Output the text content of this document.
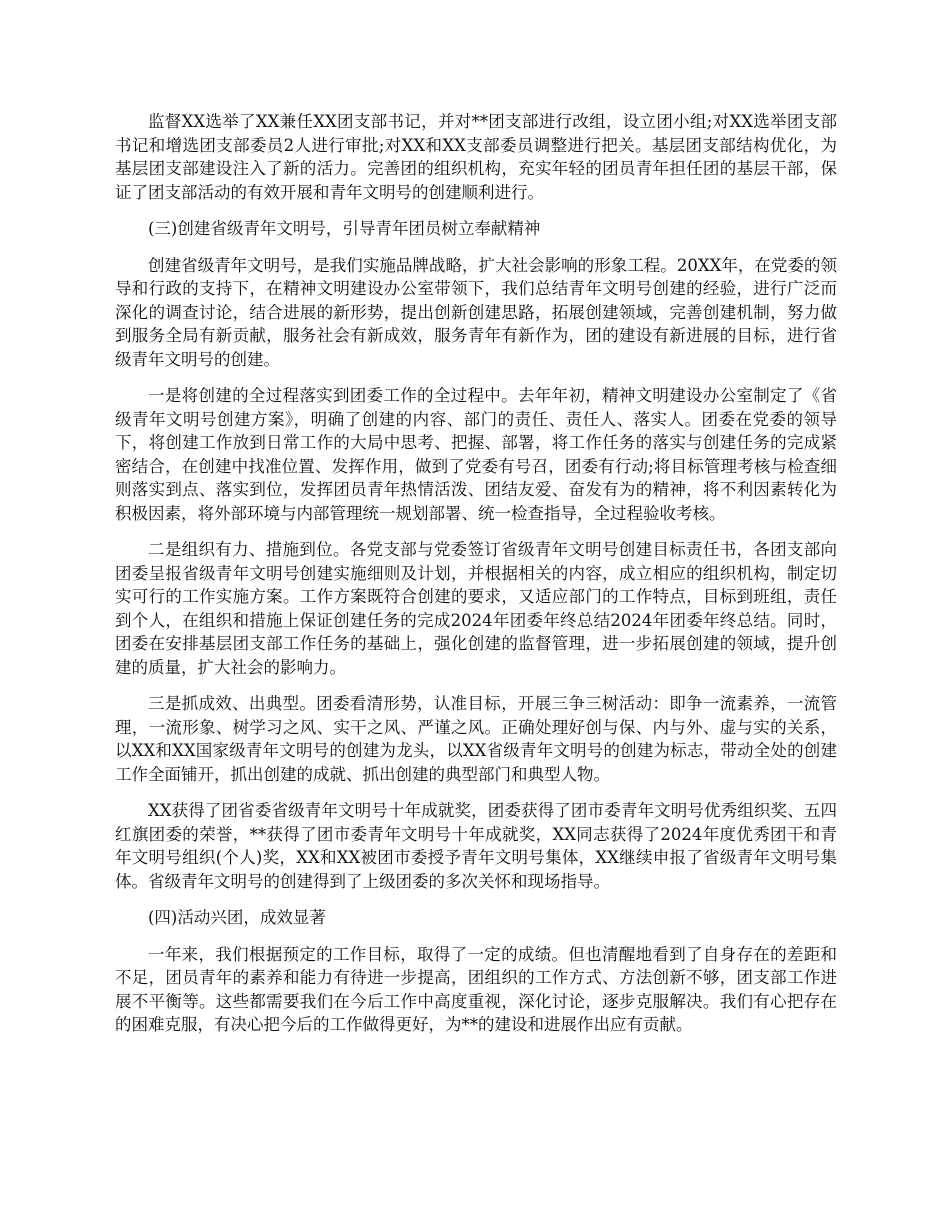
监督XX选举了XX兼任XX团支部书记，并对**团支部进行改组，设立团小组;对XX选举团支部书记和增选团支部委员2人进行审批;对XX和XX支部委员调整进行把关。基层团支部结构优化，为基层团支部建设注入了新的活力。完善团的组织机构，充实年轻的团员青年担任团的基层干部，保证了团支部活动的有效开展和青年文明号的创建顺利进行。

(三)创建省级青年文明号，引导青年团员树立奉献精神

创建省级青年文明号，是我们实施品牌战略，扩大社会影响的形象工程。20XX年，在党委的领导和行政的支持下，在精神文明建设办公室带领下，我们总结青年文明号创建的经验，进行广泛而深化的调查讨论，结合进展的新形势，提出创新创建思路，拓展创建领域，完善创建机制，努力做到服务全局有新贡献，服务社会有新成效，服务青年有新作为，团的建设有新进展的目标，进行省级青年文明号的创建。

一是将创建的全过程落实到团委工作的全过程中。去年年初，精神文明建设办公室制定了《省级青年文明号创建方案》，明确了创建的内容、部门的责任、责任人、落实人。团委在党委的领导下，将创建工作放到日常工作的大局中思考、把握、部署，将工作任务的落实与创建任务的完成紧密结合，在创建中找准位置、发挥作用，做到了党委有号召，团委有行动;将目标管理考核与检查细则落实到点、落实到位，发挥团员青年热情活泼、团结友爱、奋发有为的精神，将不利因素转化为积极因素，将外部环境与内部管理统一规划部署、统一检查指导，全过程验收考核。

二是组织有力、措施到位。各党支部与党委签订省级青年文明号创建目标责任书，各团支部向团委呈报省级青年文明号创建实施细则及计划，并根据相关的内容，成立相应的组织机构，制定切实可行的工作实施方案。工作方案既符合创建的要求，又适应部门的工作特点，目标到班组，责任到个人，在组织和措施上保证创建任务的完成2024年团委年终总结2024年团委年终总结。同时，团委在安排基层团支部工作任务的基础上，强化创建的监督管理，进一步拓展创建的领域，提升创建的质量，扩大社会的影响力。

三是抓成效、出典型。团委看清形势，认准目标，开展三争三树活动：即争一流素养，一流管理，一流形象、树学习之风、实干之风、严谨之风。正确处理好创与保、内与外、虚与实的关系，以XX和XX国家级青年文明号的创建为龙头，以XX省级青年文明号的创建为标志，带动全处的创建工作全面铺开，抓出创建的成就、抓出创建的典型部门和典型人物。

XX获得了团省委省级青年文明号十年成就奖，团委获得了团市委青年文明号优秀组织奖、五四红旗团委的荣誉，**获得了团市委青年文明号十年成就奖，XX同志获得了2024年度优秀团干和青年文明号组织(个人)奖，XX和XX被团市委授予青年文明号集体，XX继续申报了省级青年文明号集体。省级青年文明号的创建得到了上级团委的多次关怀和现场指导。

(四)活动兴团，成效显著

一年来，我们根据预定的工作目标，取得了一定的成绩。但也清醒地看到了自身存在的差距和不足，团员青年的素养和能力有待进一步提高，团组织的工作方式、方法创新不够，团支部工作进展不平衡等。这些都需要我们在今后工作中高度重视，深化讨论，逐步克服解决。我们有心把存在的困难克服，有决心把今后的工作做得更好，为**的建设和进展作出应有贡献。
